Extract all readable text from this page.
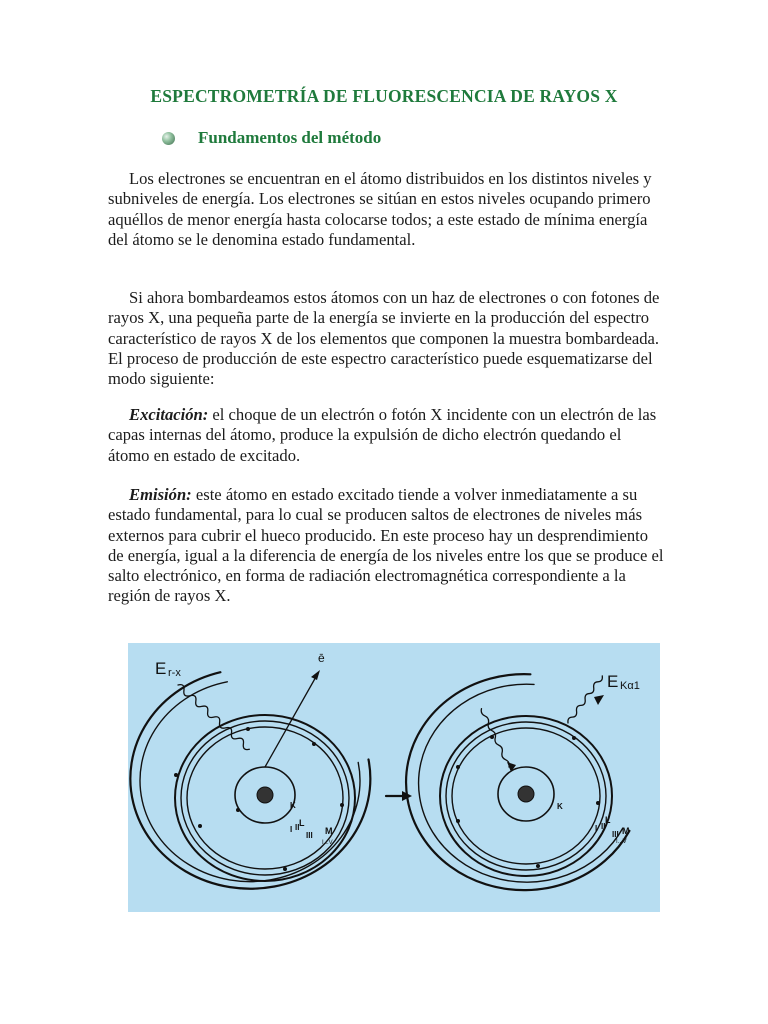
ESPECTROMETRÍA DE FLUORESCENCIA DE RAYOS X
Fundamentos del método
Los electrones se encuentran en el átomo distribuidos en los distintos niveles y subniveles de energía. Los electrones se sitúan en estos niveles ocupando primero aquéllos de menor energía hasta colocarse todos; a este estado de mínima energía del átomo se le denomina estado fundamental.
Si ahora bombardeamos estos átomos con un haz de electrones o con fotones de rayos X, una pequeña parte de la energía se invierte en la producción del espectro característico de rayos X de los elementos que componen la muestra bombardeada. El proceso de producción de este espectro característico puede esquematizarse del modo siguiente:
Excitación: el choque de un electrón o fotón X incidente con un electrón de las capas internas del átomo, produce la expulsión de dicho electrón quedando el átomo en estado de excitado.
Emisión: este átomo en estado excitado tiende a volver inmediatamente a su estado fundamental, para lo cual se producen saltos de electrones de niveles más externos para cubrir el hueco producido. En este proceso hay un desprendimiento de energía, igual a la diferencia de energía de los niveles entre los que se produce el salto electrónico, en forma de radiación electromagnética correspondiente a la región de rayos X.
E r-x
ē
K
L
I II
III M
I...V
E Kα1
K
L
I II
III M
I...V
